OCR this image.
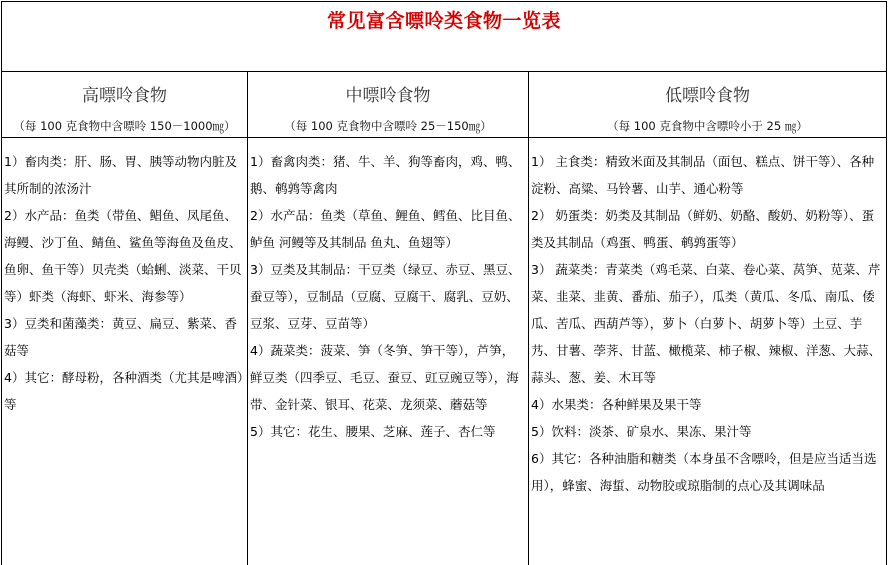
常见富含嘌呤类食物一览表
高嘌呤食物
（每 100 克食物中含嘌呤 150－1000㎎）

1）畜肉类：肝、肠、胃、胰等动物内脏及其所制的浓汤汁

2）水产品：鱼类（带鱼、鲳鱼、凤尾鱼、海鳗、沙丁鱼、鲭鱼、鲨鱼等海鱼及鱼皮、鱼卵、鱼干等）贝壳类（蛤蜊、淡菜、干贝等）虾类（海虾、虾米、海参等）

3）豆类和菌藻类：黄豆、扁豆、紫菜、香菇等

4）其它：酵母粉，各种酒类（尤其是啤酒）等

中嘌呤食物
（每 100 克食物中含嘌呤 25－150㎎）

1）畜禽肉类：猪、牛、羊、狗等畜肉，鸡、鸭、鹅、鹌鹑等禽肉

2）水产品：鱼类（草鱼、鲤鱼、鳕鱼、比目鱼、鲈鱼 河鳗等及其制品 鱼丸、鱼翅等）

3）豆类及其制品：干豆类（绿豆、赤豆、黑豆、蚕豆等），豆制品（豆腐、豆腐干、腐乳、豆奶、豆浆、豆芽、豆苗等）

4）蔬菜类：菠菜、笋（冬笋、笋干等），芦笋，鲜豆类（四季豆、毛豆、蚕豆、豇豆豌豆等），海带、金针菜、银耳、花菜、龙须菜、蘑菇等

5）其它：花生、腰果、芝麻、莲子、杏仁等

低嘌呤食物
（每 100 克食物中含嘌呤小于 25 ㎎）

1） 主食类：精致米面及其制品（面包、糕点、饼干等）、各种淀粉、高粱、马铃薯、山芋、通心粉等

2） 奶蛋类：奶类及其制品（鲜奶、奶酪、酸奶、奶粉等）、蛋类及其制品（鸡蛋、鸭蛋、鹌鹑蛋等）

3） 蔬菜类：青菜类（鸡毛菜、白菜、卷心菜、莴笋、苋菜、芹菜、韭菜、韭黄、番茄、茄子），瓜类（黄瓜、冬瓜、南瓜、倭瓜、苦瓜、西葫芦等），萝卜（白萝卜、胡萝卜等）土豆、芋艿、甘薯、荸荠、甘蓝、橄榄菜、柿子椒、辣椒、洋葱、大蒜、蒜头、葱、姜、木耳等

4）水果类：各种鲜果及果干等

5）饮料：淡茶、矿泉水、果冻、果汁等

6）其它：各种油脂和糖类（本身虽不含嘌呤，但是应当适当选用），蜂蜜、海蜇、动物胶或琼脂制的点心及其调味品
